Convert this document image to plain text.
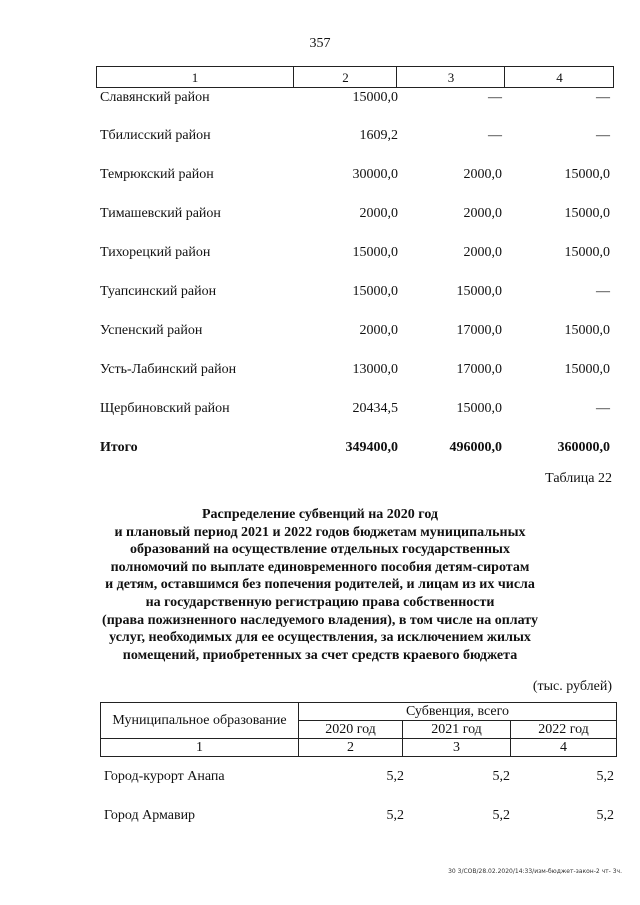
357
1	2	3	4
Славянский район	15000,0	—	—
Тбилисский район	1609,2	—	—
Темрюкский район	30000,0	2000,0	15000,0
Тимашевский район	2000,0	2000,0	15000,0
Тихорецкий район	15000,0	2000,0	15000,0
Туапсинский район	15000,0	15000,0	—
Успенский район	2000,0	17000,0	15000,0
Усть-Лабинский район	13000,0	17000,0	15000,0
Щербиновский район	20434,5	15000,0	—
Итого	349400,0	496000,0	360000,0
Таблица 22
Распределение субвенций на 2020 год
и плановый период 2021 и 2022 годов бюджетам муниципальных
образований на осуществление отдельных государственных
полномочий по выплате единовременного пособия детям-сиротам
и детям, оставшимся без попечения родителей, и лицам из их числа
на государственную регистрацию права собственности
(права пожизненного наследуемого владения), в том числе на оплату
услуг, необходимых для ее осуществления, за исключением жилых
помещений, приобретенных за счет средств краевого бюджета
(тыс. рублей)
Муниципальное образование	Субвенция, всего		
	2020 год	2021 год	2022 год
1	2	3	4
Город-курорт Анапа	5,2	5,2	5,2
Город Армавир	5,2	5,2	5,2
30 3/СОВ/28.02.2020/14:33/изм-бюджет-закон-2 чт- 3ч.
